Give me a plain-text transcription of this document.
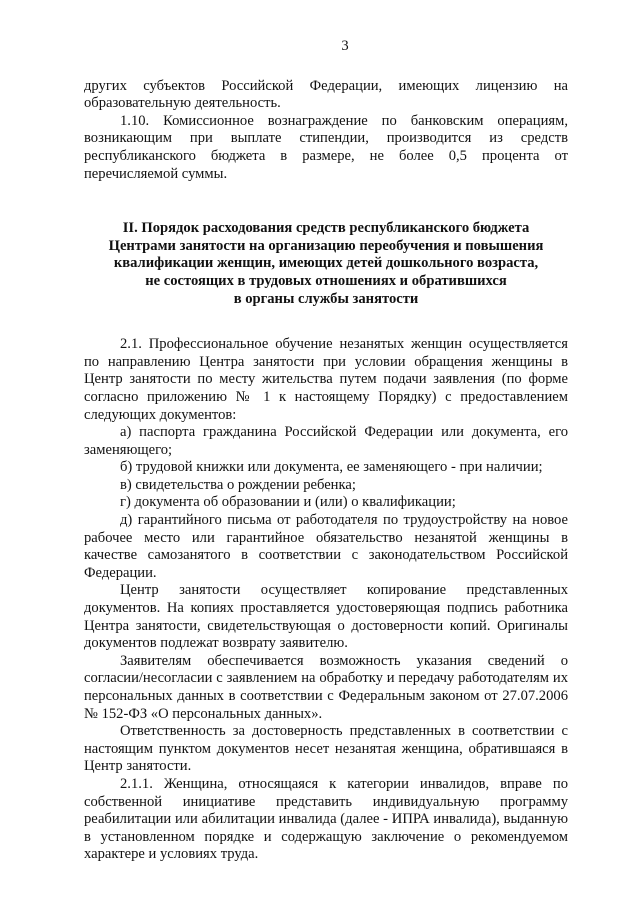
3

других субъектов Российской Федерации, имеющих лицензию на образовательную деятельность.

1.10. Комиссионное вознаграждение по банковским операциям, возникающим при выплате стипендии, производится из средств республиканского бюджета в размере, не более 0,5 процента от перечисляемой суммы.

II. Порядок расходования средств республиканского бюджета
Центрами занятости на организацию переобучения и повышения
квалификации женщин, имеющих детей дошкольного возраста,
не состоящих в трудовых отношениях и обратившихся
в органы службы занятости

2.1. Профессиональное обучение незанятых женщин осуществляется по направлению Центра занятости при условии обращения женщины в Центр занятости по месту жительства путем подачи заявления (по форме согласно приложению № 1 к настоящему Порядку) с предоставлением следующих документов:

а) паспорта гражданина Российской Федерации или документа, его заменяющего;

б) трудовой книжки или документа, ее заменяющего - при наличии;

в) свидетельства о рождении ребенка;

г) документа об образовании и (или) о квалификации;

д) гарантийного письма от работодателя по трудоустройству на новое рабочее место или гарантийное обязательство незанятой женщины в качестве самозанятого в соответствии с законодательством Российской Федерации.

Центр занятости осуществляет копирование представленных документов. На копиях проставляется удостоверяющая подпись работника Центра занятости, свидетельствующая о достоверности копий. Оригиналы документов подлежат возврату заявителю.

Заявителям обеспечивается возможность указания сведений о согласии/несогласии с заявлением на обработку и передачу работодателям их персональных данных в соответствии с Федеральным законом от 27.07.2006 № 152-ФЗ «О персональных данных».

Ответственность за достоверность представленных в соответствии с настоящим пунктом документов несет незанятая женщина, обратившаяся в Центр занятости.

2.1.1. Женщина, относящаяся к категории инвалидов, вправе по собственной инициативе представить индивидуальную программу реабилитации или абилитации инвалида (далее - ИПРА инвалида), выданную в установленном порядке и содержащую заключение о рекомендуемом характере и условиях труда.
